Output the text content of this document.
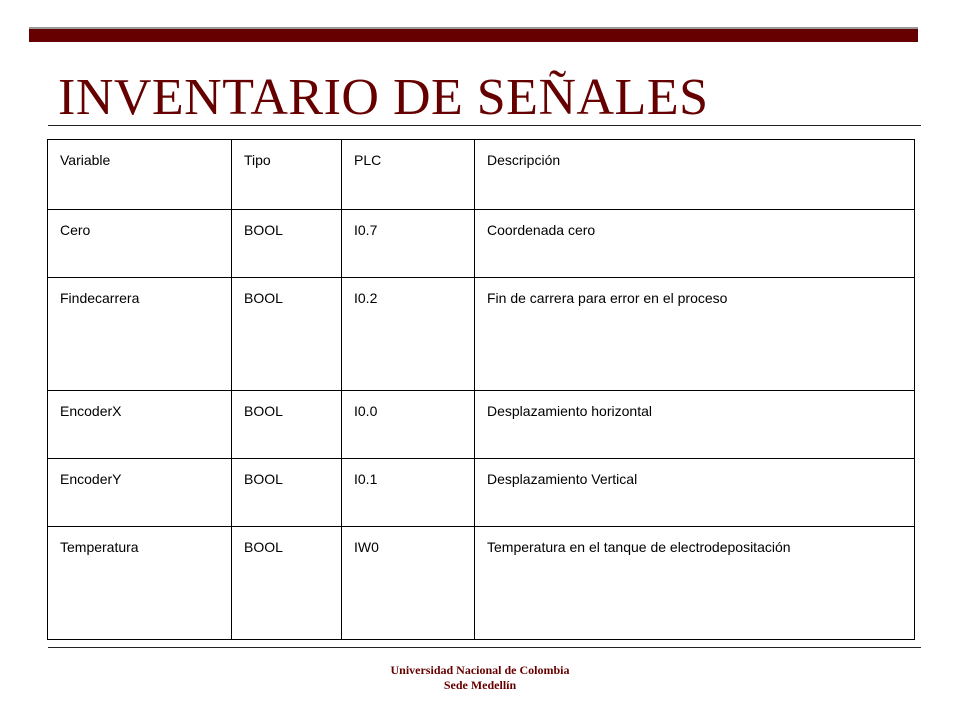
INVENTARIO DE SEÑALES
Variable	Tipo	PLC	Descripción
Cero	BOOL	I0.7	Coordenada cero
Findecarrera	BOOL	I0.2	Fin de carrera para error en el proceso
EncoderX	BOOL	I0.0	Desplazamiento horizontal
EncoderY	BOOL	I0.1	Desplazamiento Vertical
Temperatura	BOOL	IW0	Temperatura en el tanque de electrodepositación
Universidad Nacional de Colombia
Sede Medellín
